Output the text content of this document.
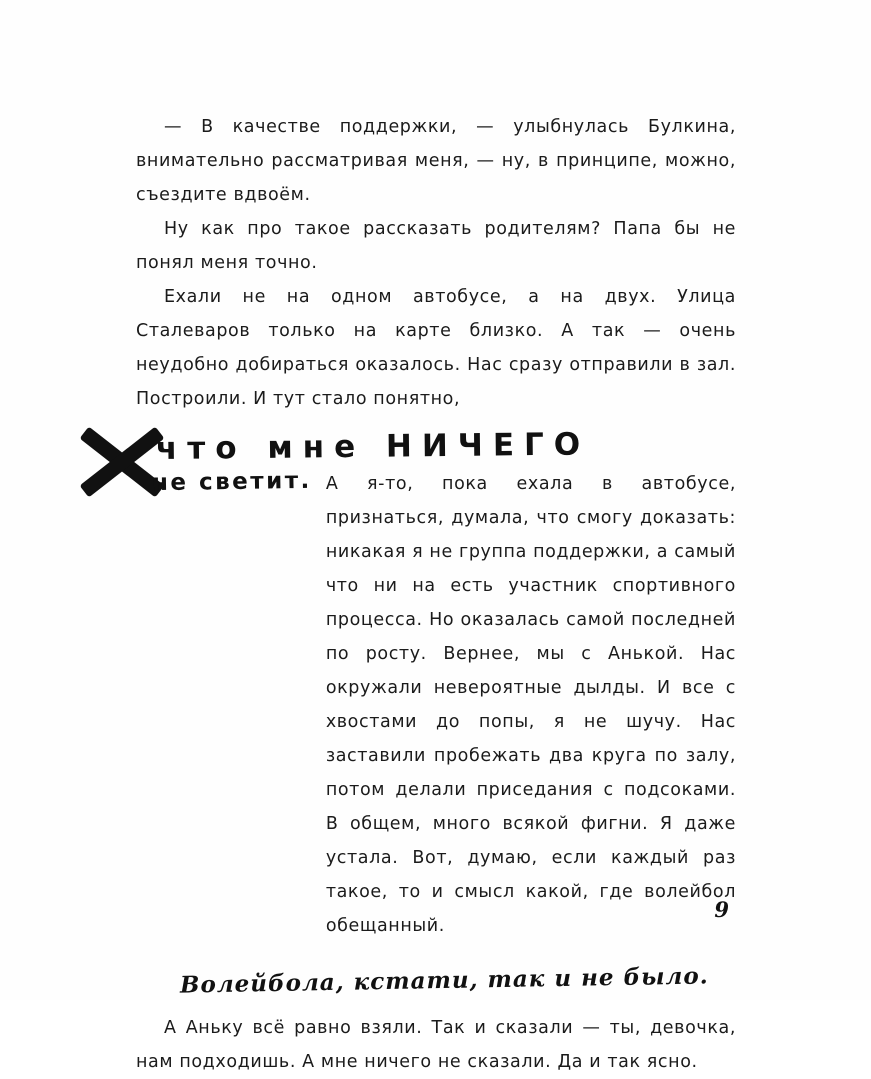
— В качестве поддержки, — улыбнулась Булкина, внимательно рассматривая меня, — ну, в принципе, можно, съездите вдвоём.

Ну как про такое рассказать родителям? Папа бы не понял меня точно.

Ехали не на одном автобусе, а на двух. Улица Сталеваров только на карте близко. А так — очень неудобно добираться оказалось. Нас сразу отправили в зал. Построили. И тут стало понятно,

что мне НИЧЕГО
не светит. А я-то, пока ехала в автобусе, признаться, думала, что смогу доказать: никакая я не группа поддержки, а самый что ни на есть участник спортивного процесса. Но оказалась самой последней по росту. Вернее, мы с Анькой. Нас окружали невероятные дылды. И все с хвостами до попы, я не шучу. Нас заставили пробежать два круга по залу, потом делали приседания с подсоками. В общем, много всякой фигни. Я даже устала. Вот, думаю, если каждый раз такое, то и смысл какой, где волейбол обещанный.
Волейбола, кстати, так и не было.

А Аньку всё равно взяли. Так и сказали — ты, девочка, нам подходишь. А мне ничего не сказали. Да и так ясно.

9
